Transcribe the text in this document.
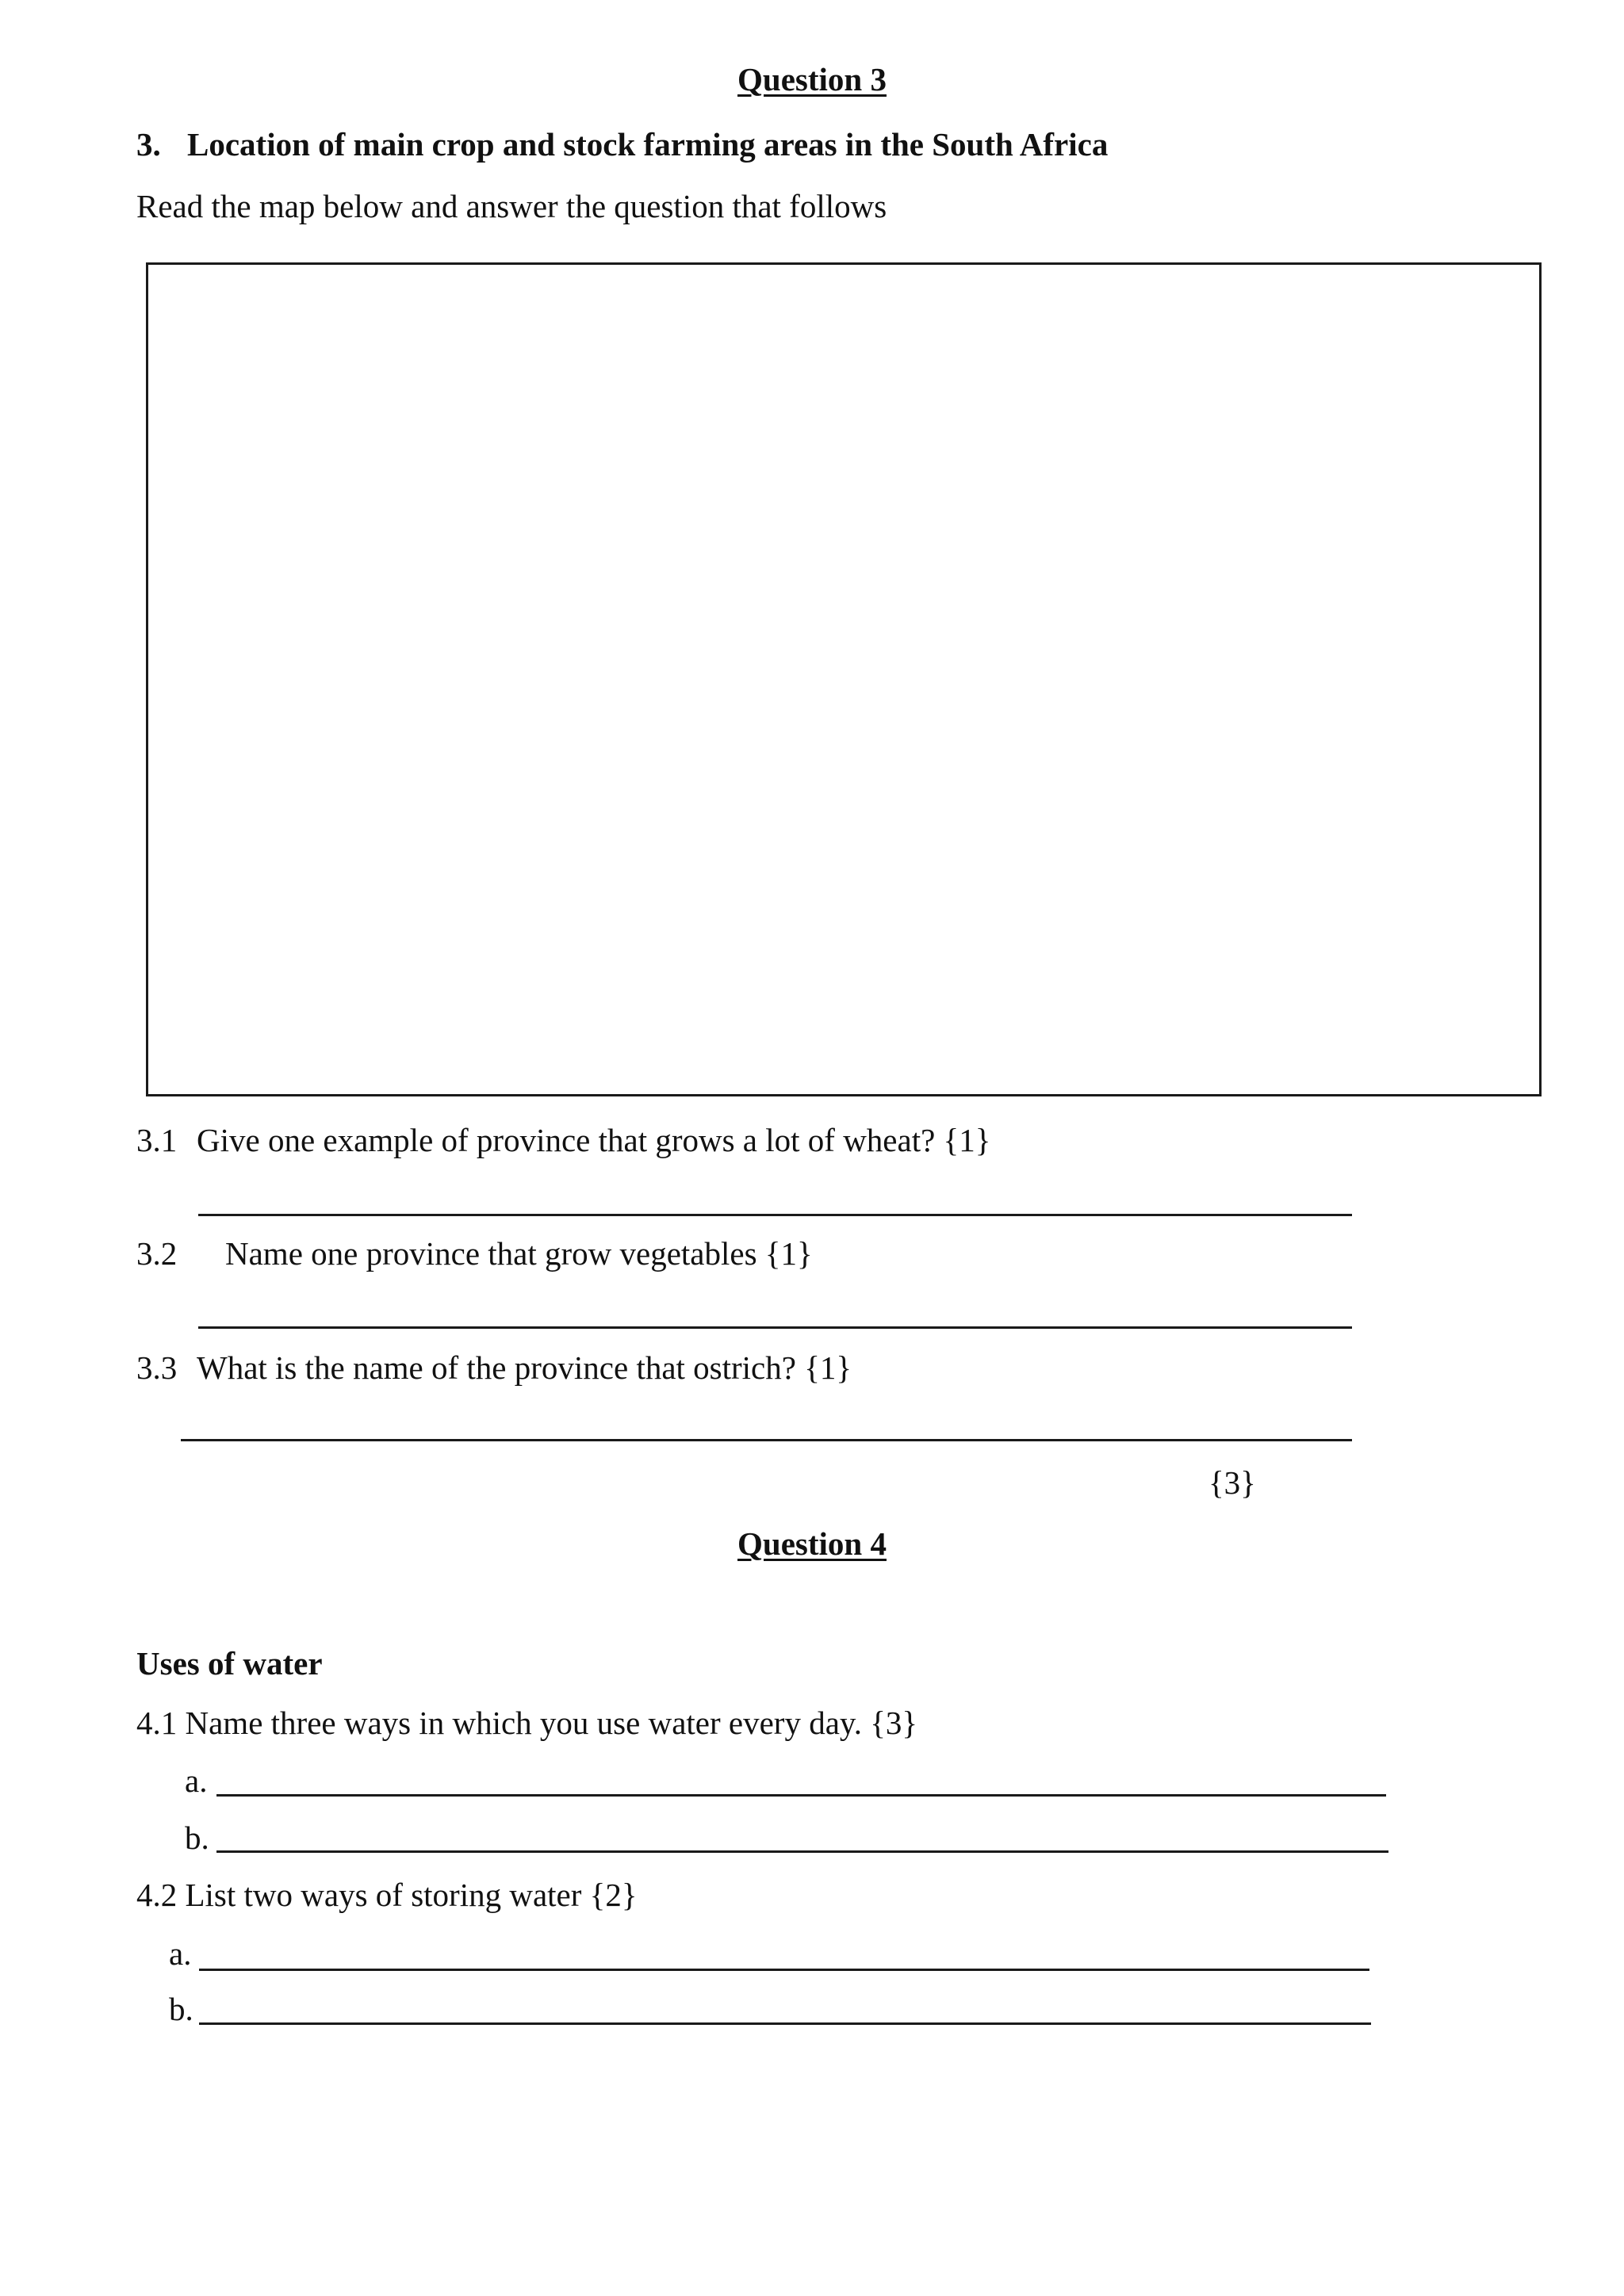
Question 3
3. Location of main crop and stock farming areas in the South Africa
Read the map below and answer the question that follows
3.1 Give one example of province that grows a lot of wheat? {1}
3.2 Name one province that grow vegetables {1}
3.3 What is the name of the province that ostrich? {1}
{3}
Question 4
Uses of water
4.1 Name three ways in which you use water every day. {3}
a.
b.
4.2 List two ways of storing water {2}
a.
b.
